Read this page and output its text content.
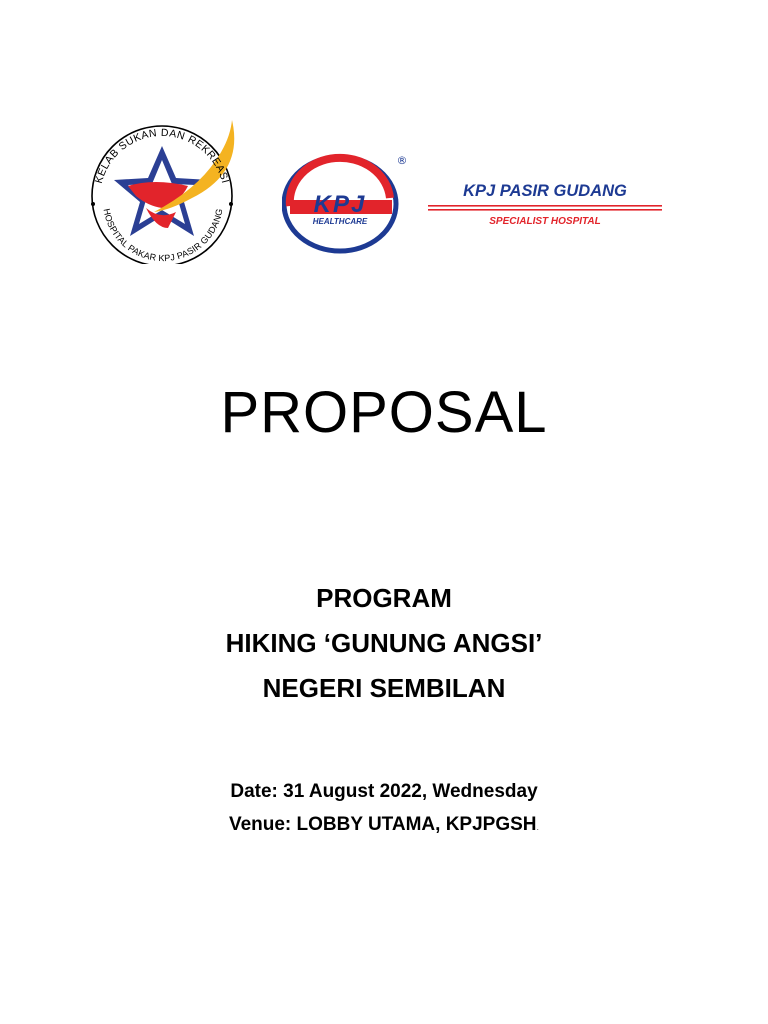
KELAB SUKAN DAN REKREASI
HOSPITAL PAKAR KPJ PASIR GUDANG	KPJ
HEALTHCARE
®
KPJ PASIR GUDANG
SPECIALIST HOSPITAL
PROPOSAL
PROGRAM
HIKING ‘GUNUNG ANGSI’
NEGERI SEMBILAN
Date: 31 August 2022, Wednesday
Venue: LOBBY UTAMA, KPJPGSH.
